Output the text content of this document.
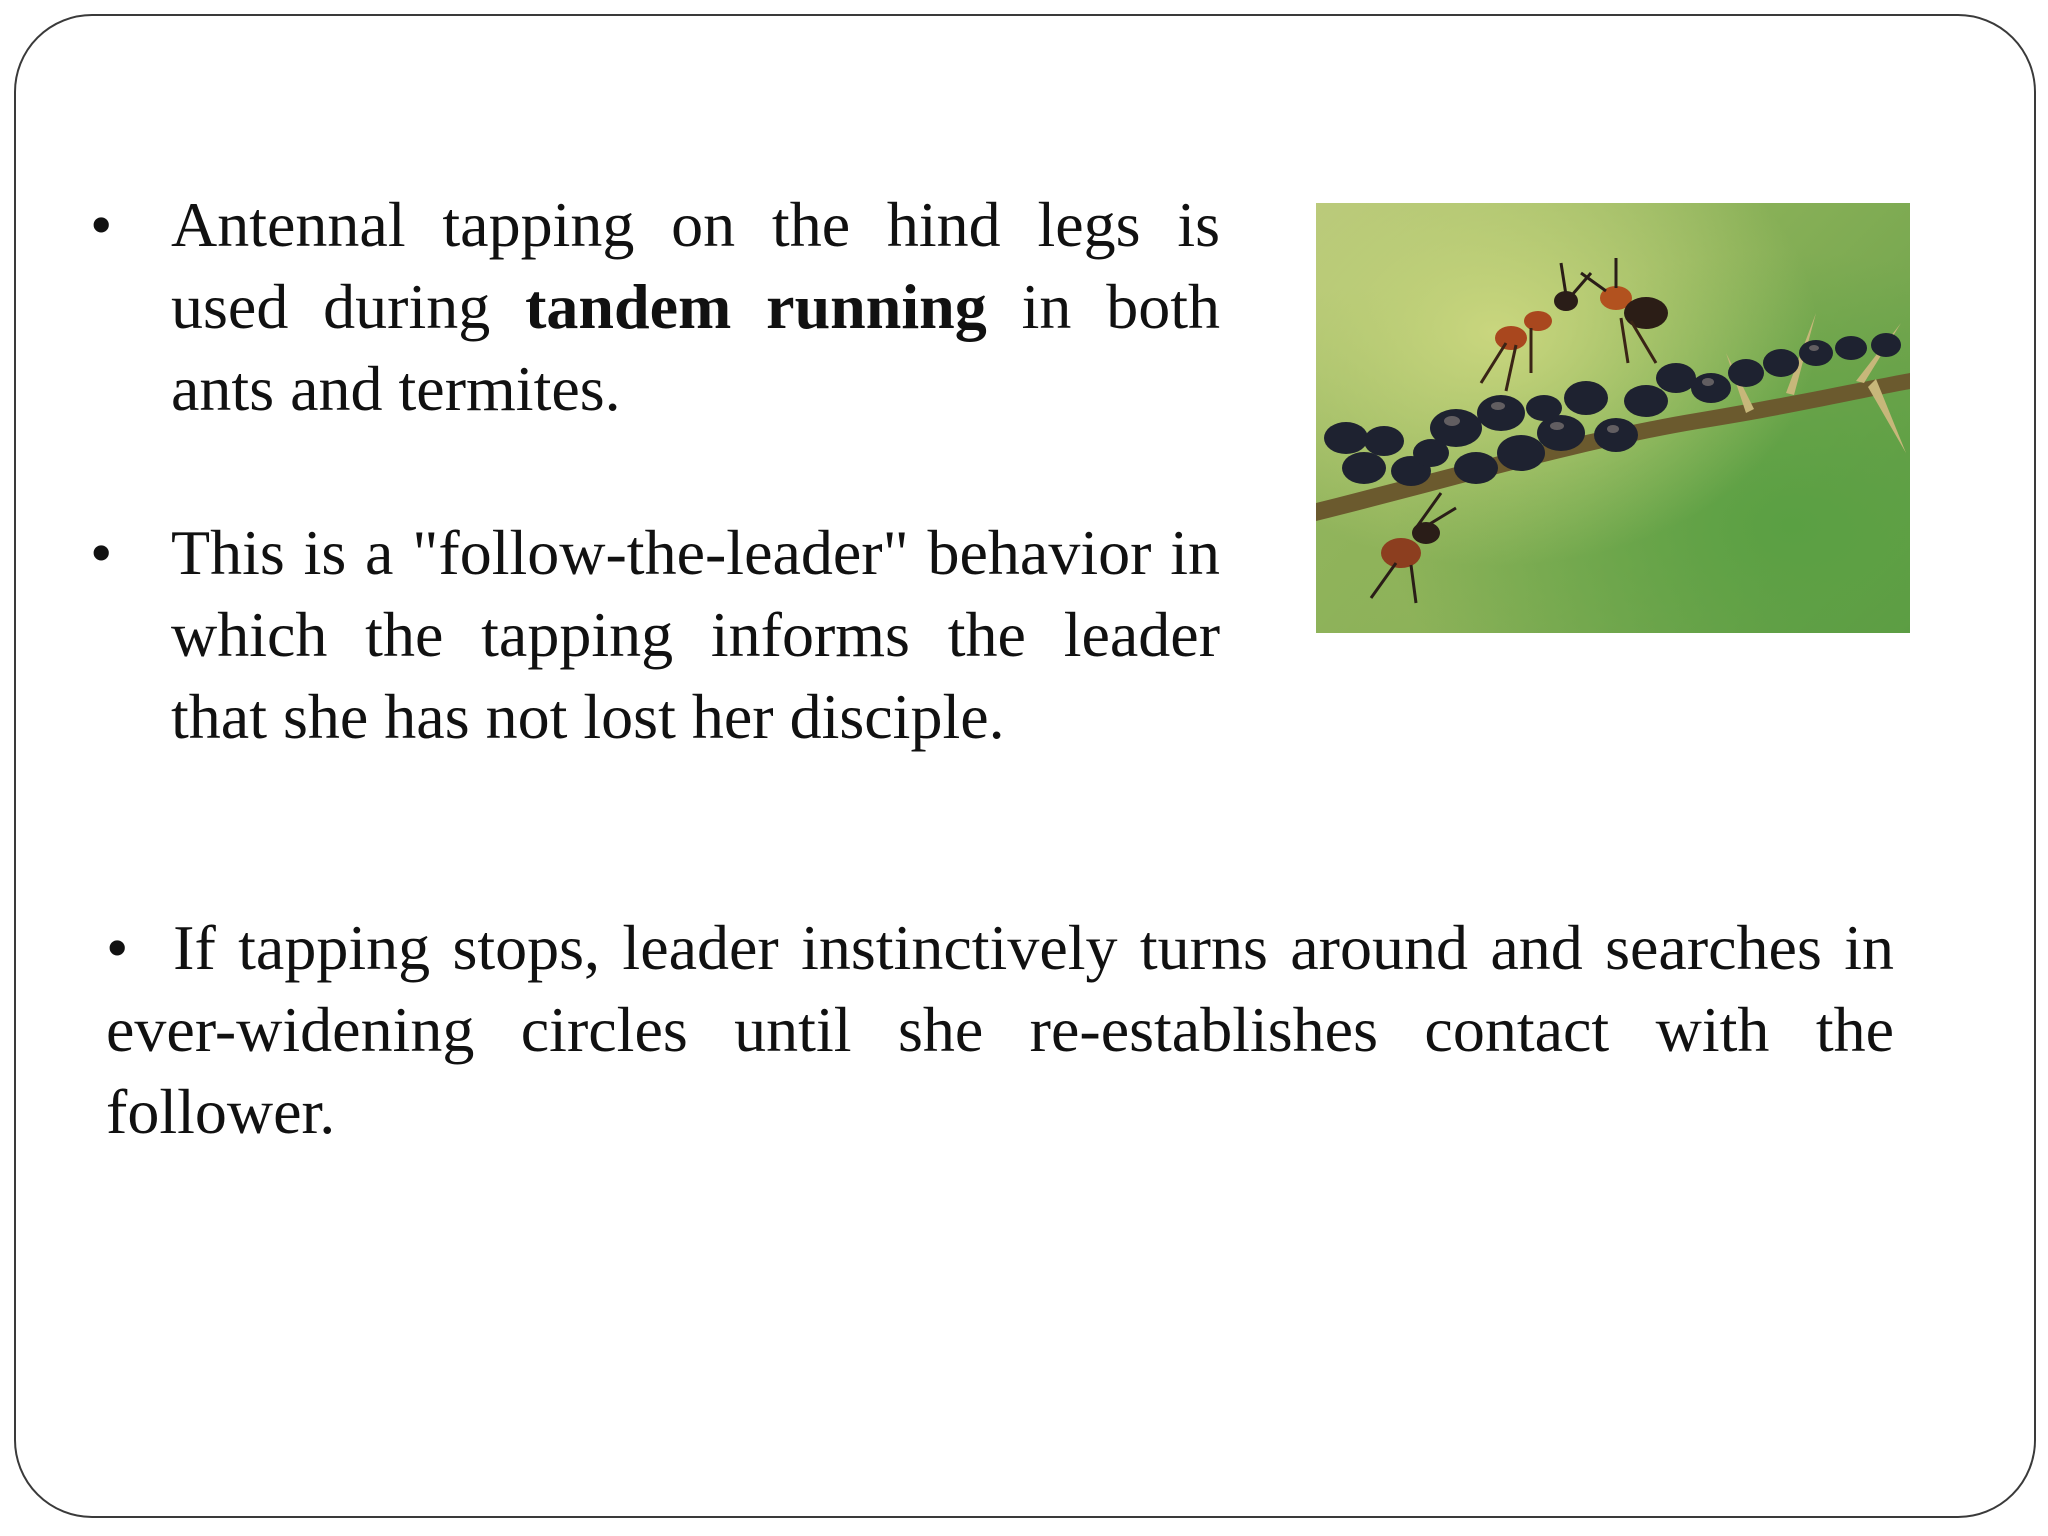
• Antennal tapping on the hind legs is used during tandem running in both ants and termites.
• This is a "follow-the-leader" behavior in which the tapping informs the leader that she has not lost her disciple.
• If tapping stops, leader instinctively turns around and searches in ever-widening circles until she re-establishes contact with the follower.
